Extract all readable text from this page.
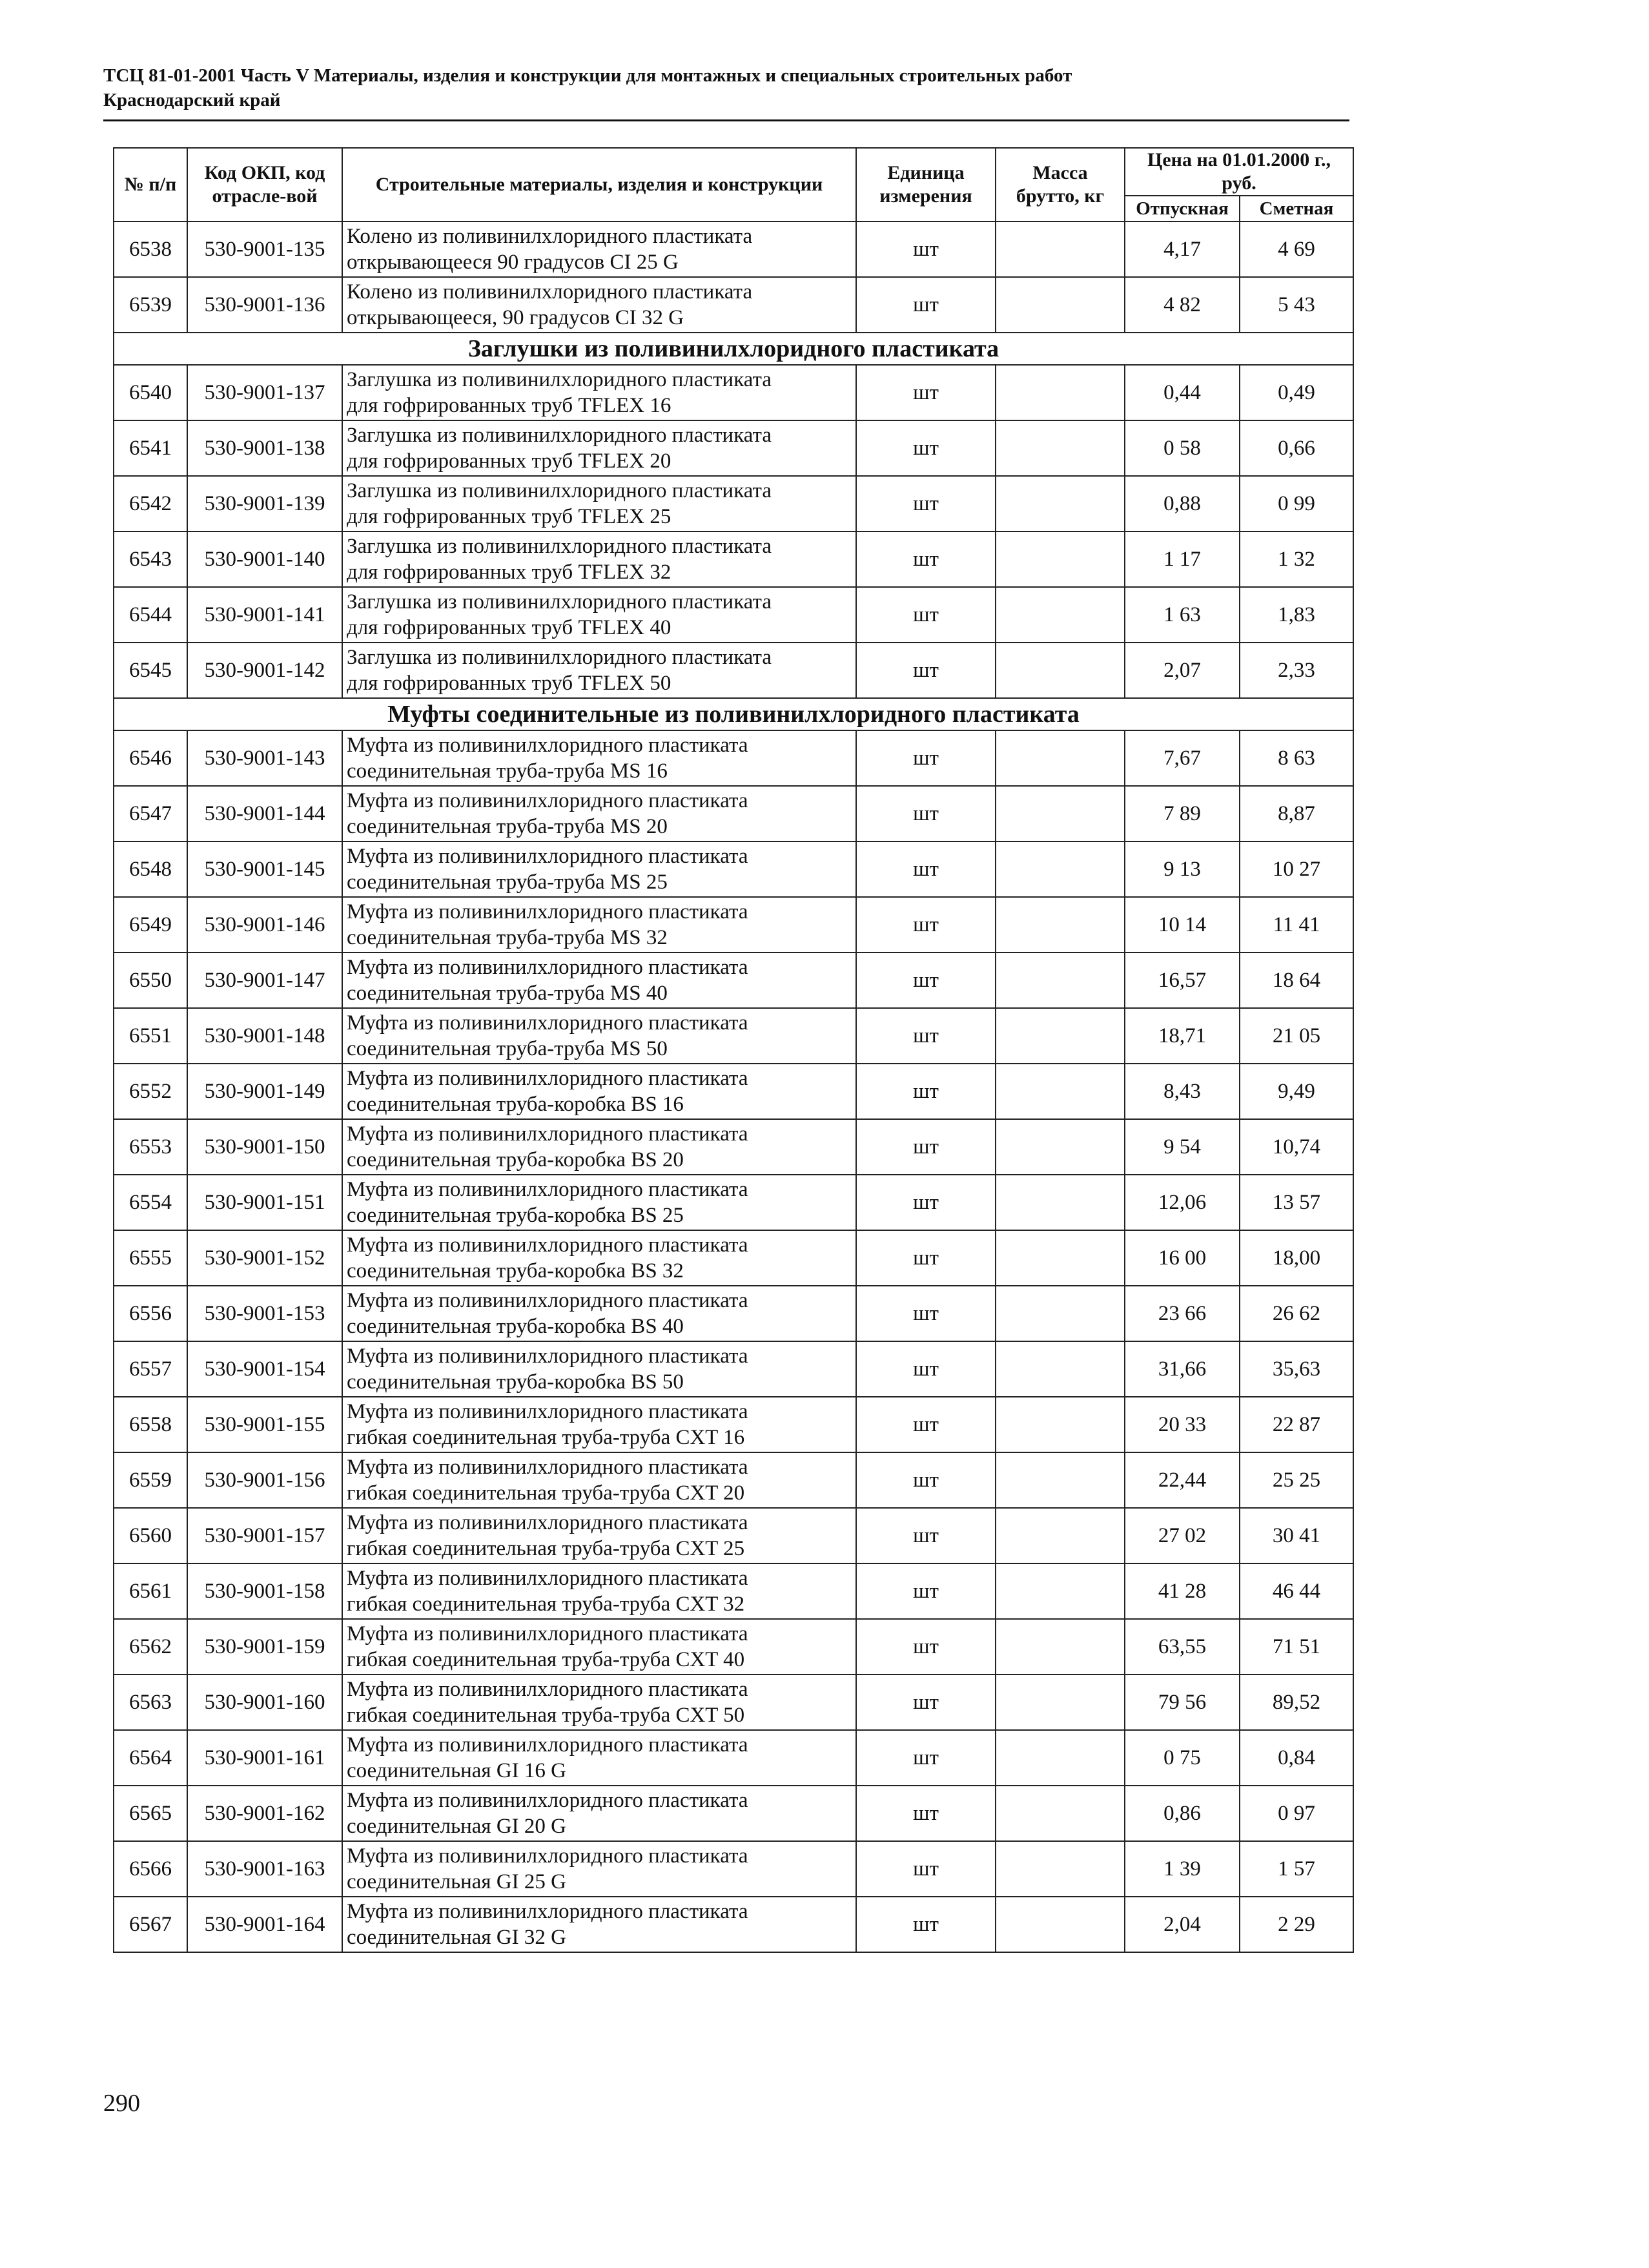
ТСЦ 81-01-2001 Часть V Материалы, изделия и конструкции для монтажных и специальных строительных работ
Краснодарский край
№ п/п	Код ОКП, код отрасле-вой	Строительные материалы, изделия и конструкции	Единица измерения	Масса брутто, кг	Цена на 01.01.2000 г., руб.	
					Отпускная	Сметная
6538	530-9001-135	Колено из поливинилхлоридного пластиката
открывающееся 90 градусов CI 25 G	шт		4,17	4 69
6539	530-9001-136	Колено из поливинилхлоридного пластиката
открывающееся, 90 градусов CI 32 G	шт		4 82	5 43
Заглушки из поливинилхлоридного пластиката						
6540	530-9001-137	Заглушка из поливинилхлоридного пластиката
для гофрированных труб TFLEX 16	шт		0,44	0,49
6541	530-9001-138	Заглушка из поливинилхлоридного пластиката
для гофрированных труб TFLEX 20	шт		0 58	0,66
6542	530-9001-139	Заглушка из поливинилхлоридного пластиката
для гофрированных труб TFLEX 25	шт		0,88	0 99
6543	530-9001-140	Заглушка из поливинилхлоридного пластиката
для гофрированных труб TFLEX 32	шт		1 17	1 32
6544	530-9001-141	Заглушка из поливинилхлоридного пластиката
для гофрированных труб TFLEX 40	шт		1 63	1,83
6545	530-9001-142	Заглушка из поливинилхлоридного пластиката
для гофрированных труб TFLEX 50	шт		2,07	2,33
Муфты соединительные из поливинилхлоридного пластиката						
6546	530-9001-143	Муфта из поливинилхлоридного пластиката
соединительная труба-труба MS 16	шт		7,67	8 63
6547	530-9001-144	Муфта из поливинилхлоридного пластиката
соединительная труба-труба MS 20	шт		7 89	8,87
6548	530-9001-145	Муфта из поливинилхлоридного пластиката
соединительная труба-труба MS 25	шт		9 13	10 27
6549	530-9001-146	Муфта из поливинилхлоридного пластиката
соединительная труба-труба MS 32	шт		10 14	11 41
6550	530-9001-147	Муфта из поливинилхлоридного пластиката
соединительная труба-труба MS 40	шт		16,57	18 64
6551	530-9001-148	Муфта из поливинилхлоридного пластиката
соединительная труба-труба MS 50	шт		18,71	21 05
6552	530-9001-149	Муфта из поливинилхлоридного пластиката
соединительная труба-коробка BS 16	шт		8,43	9,49
6553	530-9001-150	Муфта из поливинилхлоридного пластиката
соединительная труба-коробка BS 20	шт		9 54	10,74
6554	530-9001-151	Муфта из поливинилхлоридного пластиката
соединительная труба-коробка BS 25	шт		12,06	13 57
6555	530-9001-152	Муфта из поливинилхлоридного пластиката
соединительная труба-коробка BS 32	шт		16 00	18,00
6556	530-9001-153	Муфта из поливинилхлоридного пластиката
соединительная труба-коробка BS 40	шт		23 66	26 62
6557	530-9001-154	Муфта из поливинилхлоридного пластиката
соединительная труба-коробка BS 50	шт		31,66	35,63
6558	530-9001-155	Муфта из поливинилхлоридного пластиката
гибкая соединительная труба-труба CXT 16	шт		20 33	22 87
6559	530-9001-156	Муфта из поливинилхлоридного пластиката
гибкая соединительная труба-труба CXT 20	шт		22,44	25 25
6560	530-9001-157	Муфта из поливинилхлоридного пластиката
гибкая соединительная труба-труба CXT 25	шт		27 02	30 41
6561	530-9001-158	Муфта из поливинилхлоридного пластиката
гибкая соединительная труба-труба CXT 32	шт		41 28	46 44
6562	530-9001-159	Муфта из поливинилхлоридного пластиката
гибкая соединительная труба-труба CXT 40	шт		63,55	71 51
6563	530-9001-160	Муфта из поливинилхлоридного пластиката
гибкая соединительная труба-труба CXT 50	шт		79 56	89,52
6564	530-9001-161	Муфта из поливинилхлоридного пластиката
соединительная GI 16 G	шт		0 75	0,84
6565	530-9001-162	Муфта из поливинилхлоридного пластиката
соединительная GI 20 G	шт		0,86	0 97
6566	530-9001-163	Муфта из поливинилхлоридного пластиката
соединительная GI 25 G	шт		1 39	1 57
6567	530-9001-164	Муфта из поливинилхлоридного пластиката
соединительная GI 32 G	шт		2,04	2 29
290
